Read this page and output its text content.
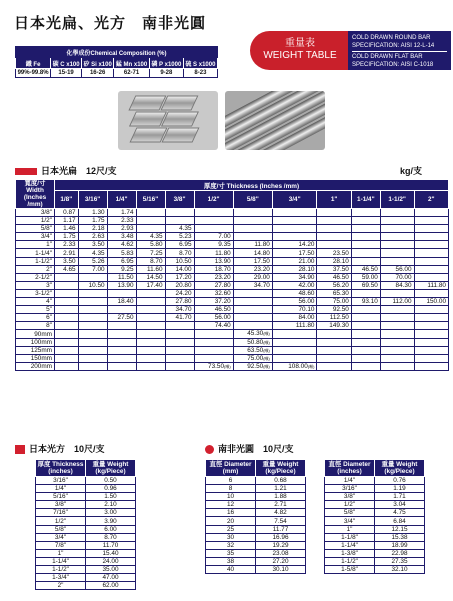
日本光扁、光方　南非光圓
化學成份Chemical Composition (%)					
鐵 Fe	碳 C x100	矽 Si x100	錳 Mn x100	磷 P x1000	硫 S x1000
99%-99.8%	15-19	16-26	62-71	9-28	8-23
重量表
WEIGHT TABLE
COLD DRAWN ROUND BAR
SPECIFICATION: AISI 12-L-14
COLD DRAWN FLAT BAR
SPECIFICATION: AISI C-1018
日本光扁　12尺/支	kg/支
寬度/寸 Width (Inches /mm)	厚度/寸 Thickness (Inches /mm)											
	1/8"	3/16"	1/4"	5/16"	3/8"	1/2"	5/8"	3/4"	1"	1-1/4"	1-1/2"	2"
3/8"	0.87	1.30	1.74									
1/2"	1.17	1.75	2.33									
5/8"	1.46	2.18	2.93		4.35							
3/4"	1.75	2.63	3.48	4.35	5.23	7.00						
1"	2.33	3.50	4.62	5.80	6.95	9.35	11.80	14.20				
1-1/4"	2.91	4.35	5.83	7.25	8.70	11.80	14.80	17.50	23.50			
1-1/2"	3.50	5.26	6.95	8.70	10.50	13.90	17.50	21.00	28.10			
2"	4.65	7.00	9.25	11.60	14.00	18.70	23.20	28.10	37.50	46.50	56.00	
2-1/2"			11.50	14.50	17.20	23.20	29.00	34.90	46.50	59.00	70.00	
3"		10.50	13.90	17.40	20.80	27.80	34.70	42.00	56.20	69.50	84.30	111.80
3-1/2"					24.20	32.60		48.60	65.30			
4"			18.40		27.80	37.20		56.00	75.00	93.10	112.00	150.00
5"					34.70	46.50		70.10	92.50			
6"			27.50		41.70	56.00		84.00	112.50			
8"						74.40		111.80	149.30			
90mm							45.30(噸)					
100mm							50.80(噸)					
125mm							63.50(噸)					
150mm							75.00(噸)					
200mm						73.50(噸)	92.50(噸)	108.00(噸)				
日本光方　10尺/支
厚度 Thickness (inches)	重量 Weight (kg/Piece)
3/16"	0.50
1/4"	0.96
5/16"	1.50
3/8"	2.10
7/16"	3.00
1/2"	3.90
5/8"	6.00
3/4"	8.70
7/8"	11.70
1"	15.40
1-1/4"	24.00
1-1/2"	35.00
1-3/4"	47.00
2"	62.00
南非光圓　10尺/支
直徑 Diameter (mm)	重量 Weight (kg/Piece)
6	0.68
8	1.21
10	1.88
12	2.71
16	4.82
20	7.54
25	11.77
30	16.96
32	19.29
35	23.08
38	27.20
40	30.10
直徑 Diameter (inches)	重量 Weight (kg/Piece)
1/4"	0.76
3/16"	1.19
3/8"	1.71
1/2"	3.04
5/8"	4.75
3/4"	6.84
1"	12.15
1-1/8"	15.38
1-1/4"	18.99
1-3/8"	22.98
1-1/2"	27.35
1-5/8"	32.10
